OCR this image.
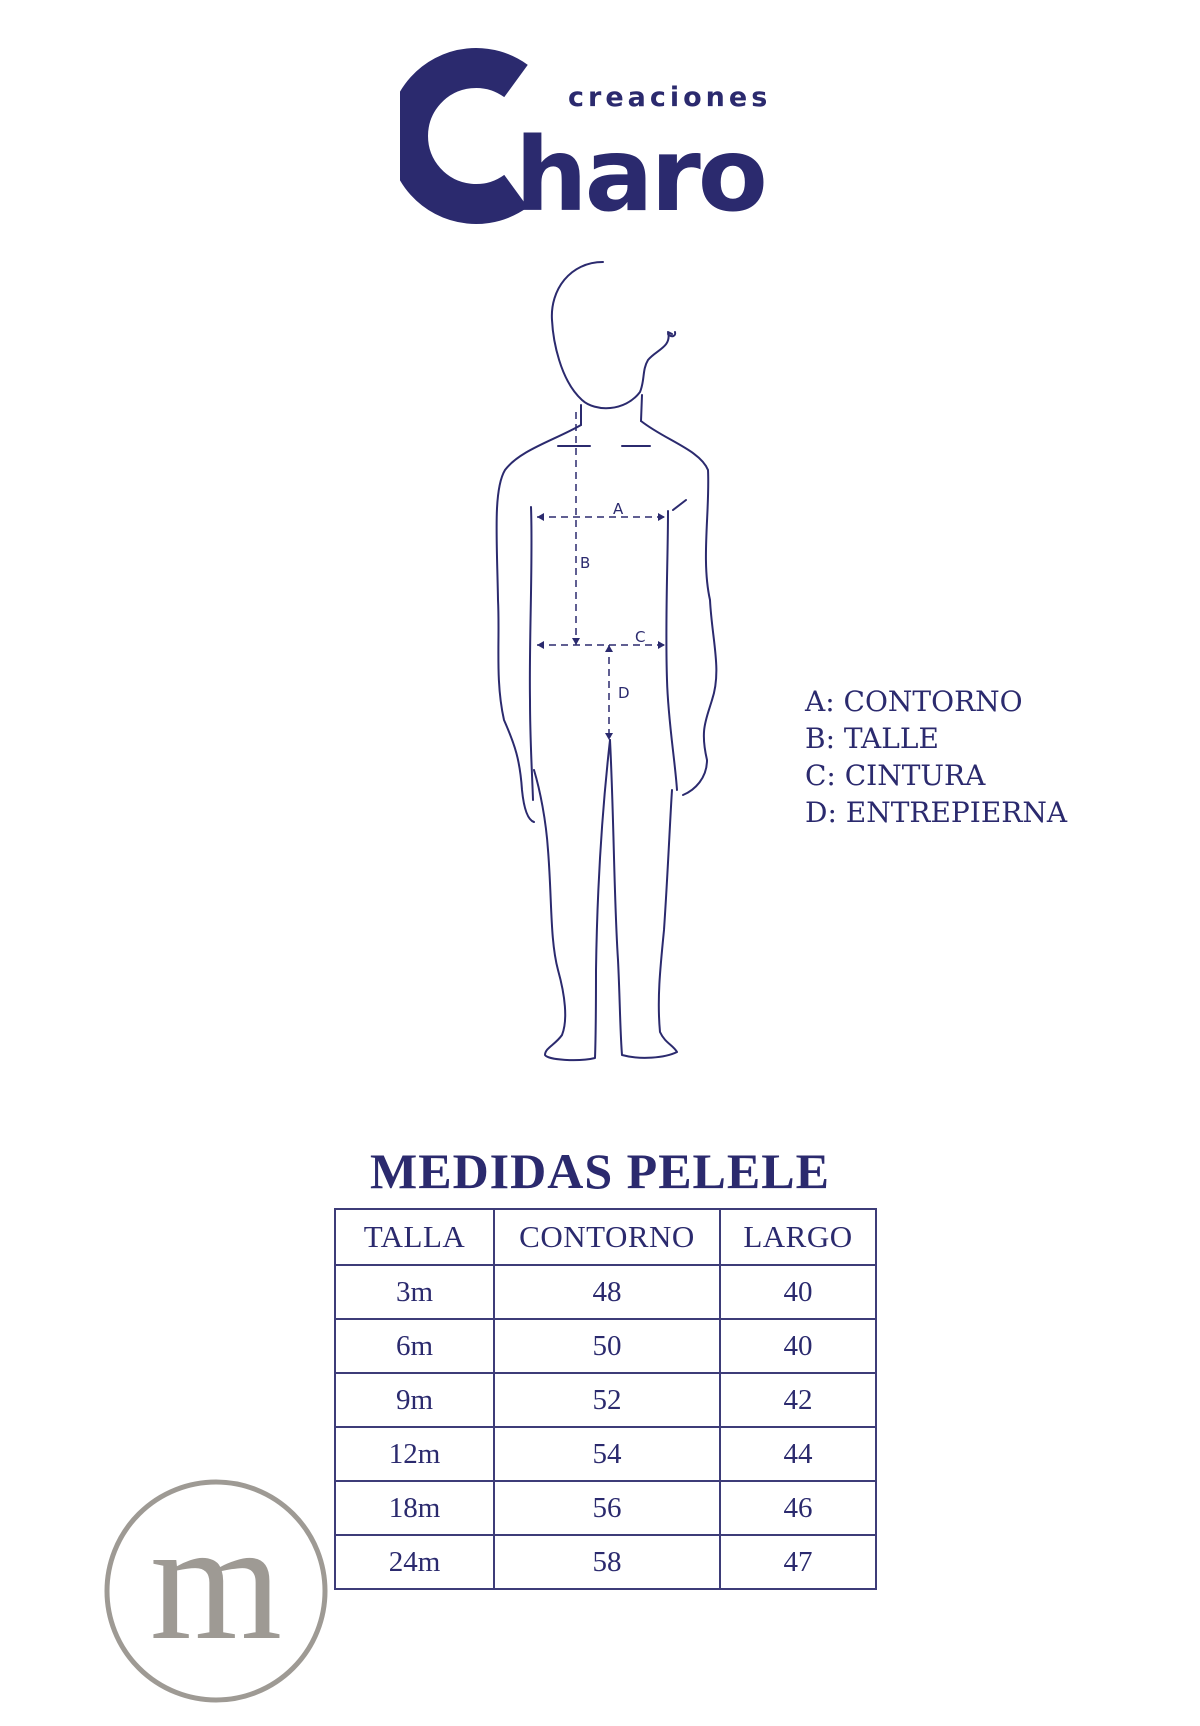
creaciones
haro
A
B
C
D	A: CONTORNO
B: TALLE
C: CINTURA
D: ENTREPIERNA
MEDIDAS PELELE
TALLA	CONTORNO	LARGO
3m	48	40
6m	50	40
9m	52	42
12m	54	44
18m	56	46
24m	58	47
m
